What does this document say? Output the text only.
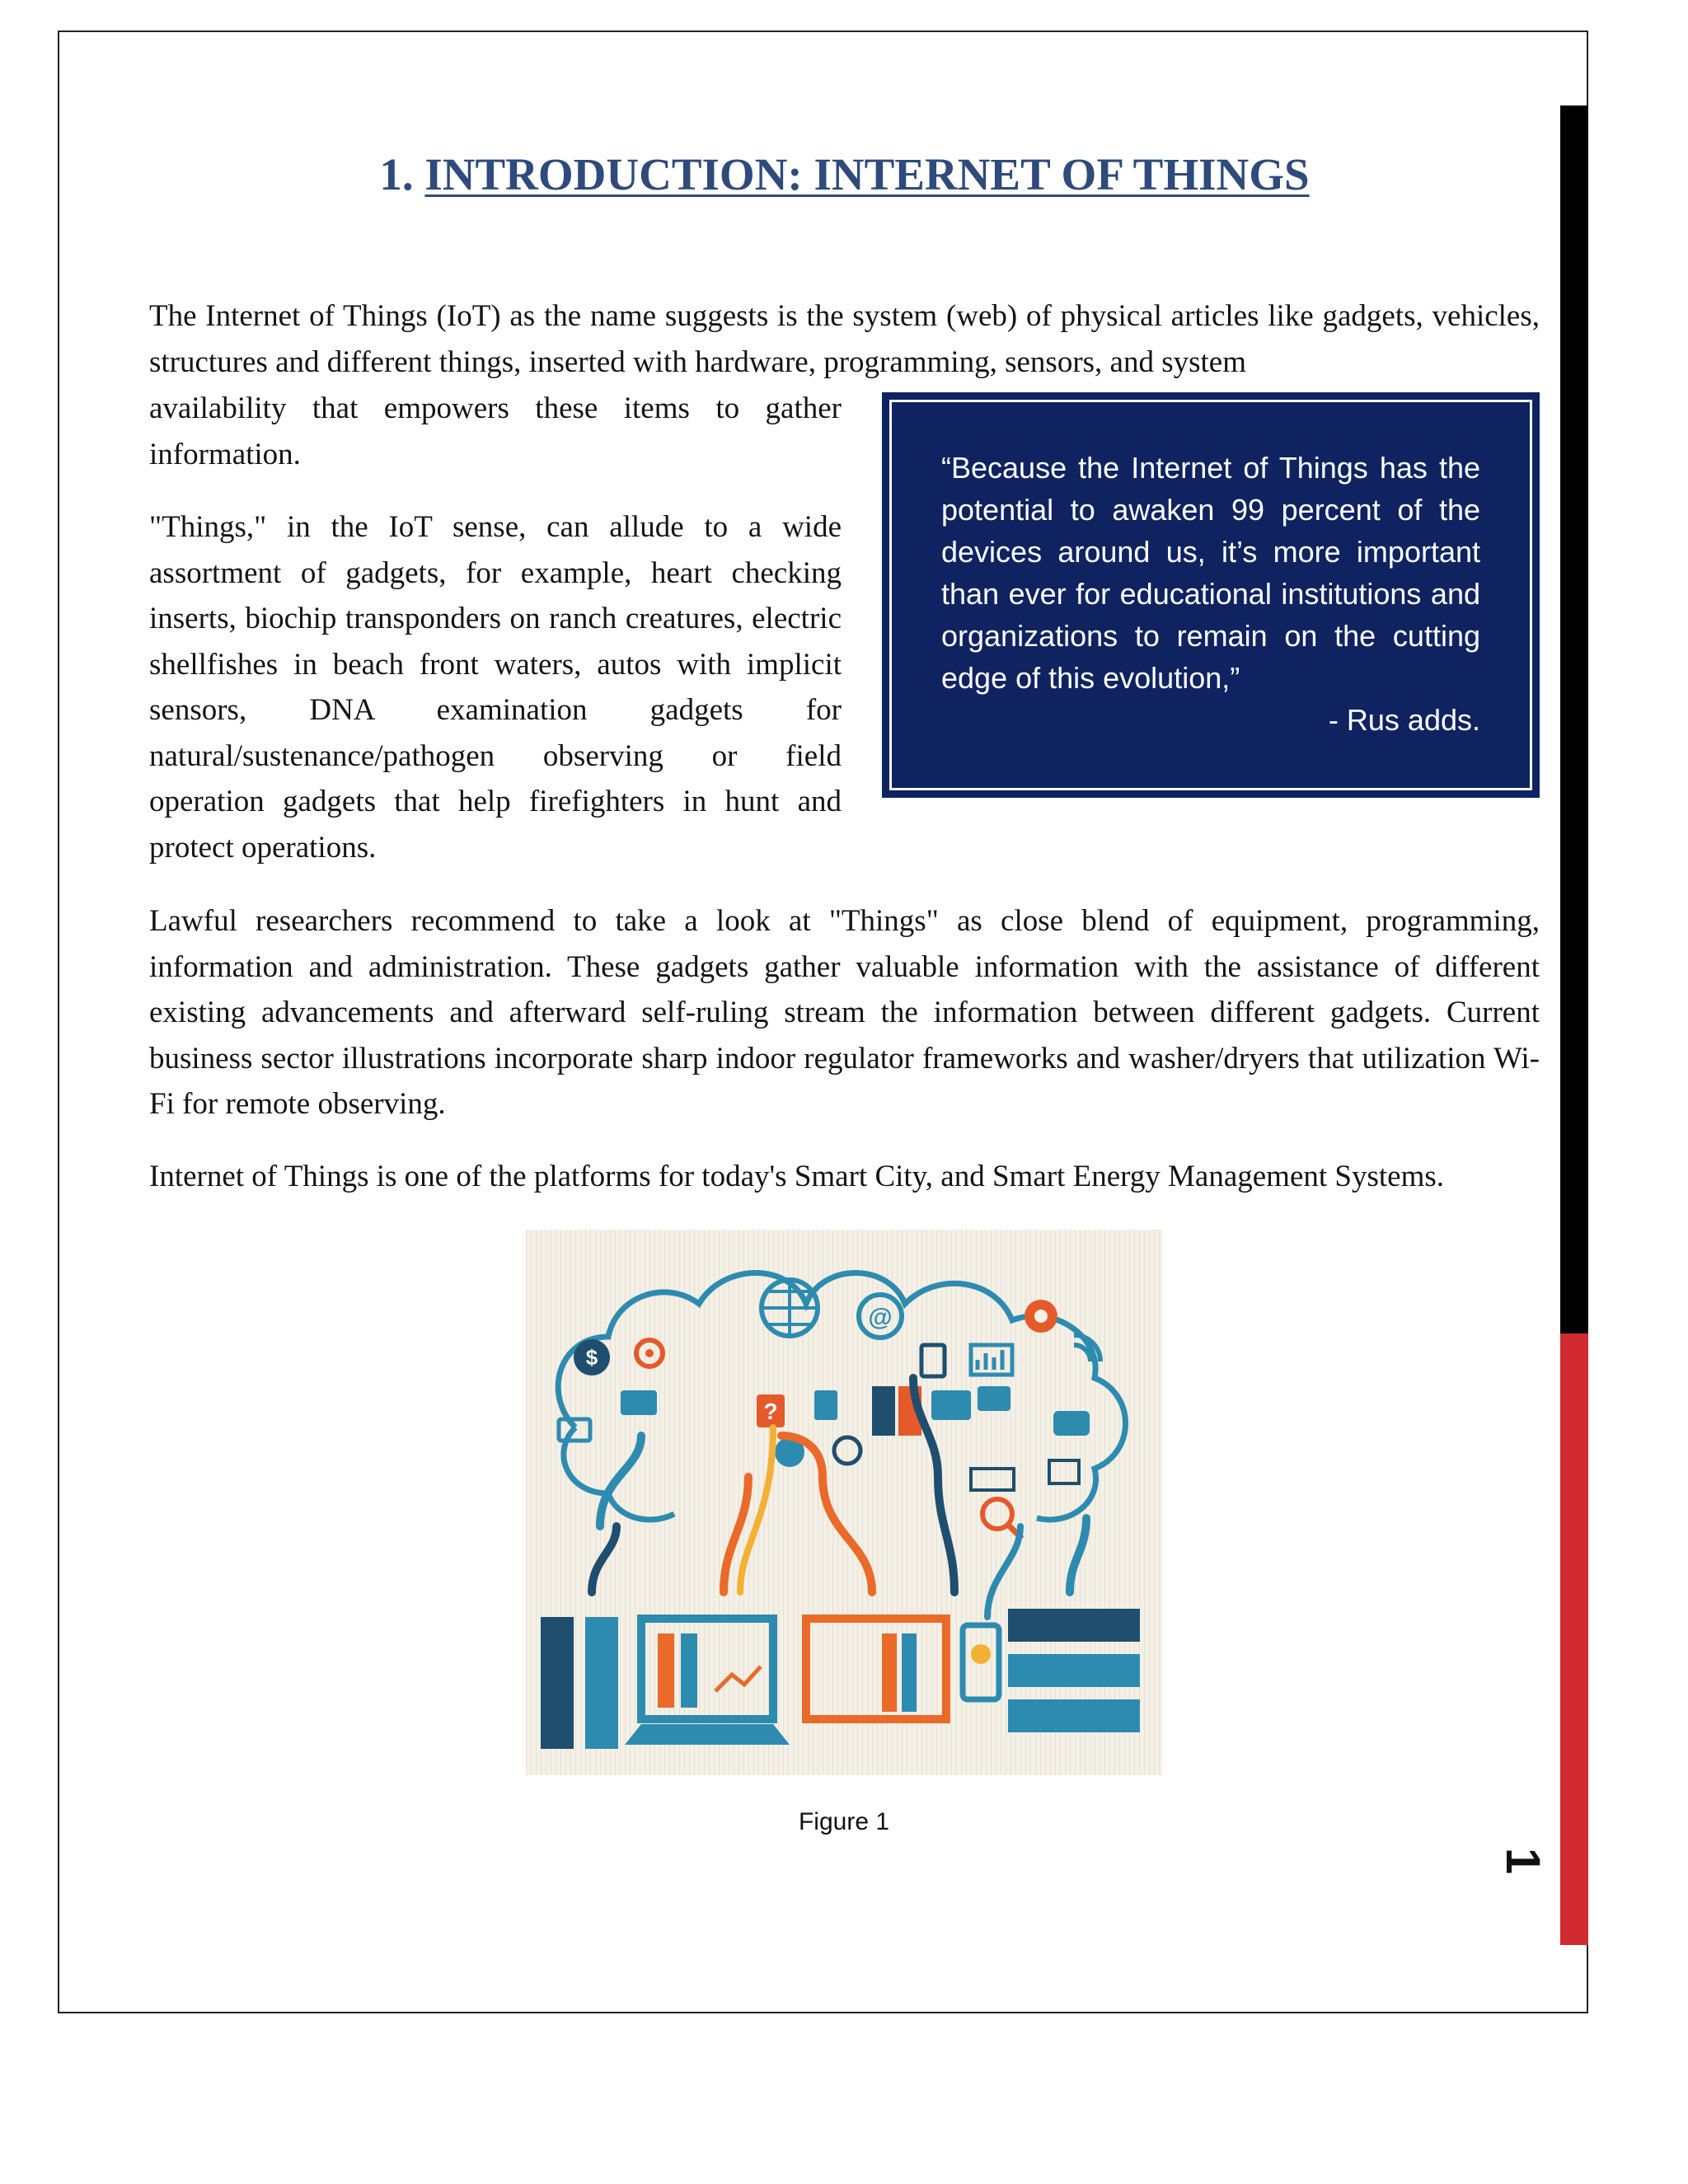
1
1. INTRODUCTION: INTERNET OF THINGS

The Internet of Things (IoT) as the name suggests is the system (web) of physical articles like gadgets, vehicles, structures and different things, inserted with hardware, programming, sensors, and system

availability that empowers these items to gather information.

"Things," in the IoT sense, can allude to a wide assortment of gadgets, for example, heart checking inserts, biochip transponders on ranch creatures, electric shellfishes in beach front waters, autos with implicit sensors, DNA examination gadgets for natural/sustenance/pathogen observing or field operation gadgets that help firefighters in hunt and protect operations.

“Because the Internet of Things has the potential to awaken 99 percent of the devices around us, it’s more important than ever for educational institutions and organizations to remain on the cutting edge of this evolution,”

- Rus adds.

Lawful researchers recommend to take a look at "Things" as close blend of equipment, programming, information and administration. These gadgets gather valuable information with the assistance of different existing advancements and afterward self-ruling stream the information between different gadgets. Current business sector illustrations incorporate sharp indoor regulator frameworks and washer/dryers that utilization Wi-Fi for remote observing.

Internet of Things is one of the platforms for today's Smart City, and Smart Energy Management Systems.

$
@
?

Figure 1
